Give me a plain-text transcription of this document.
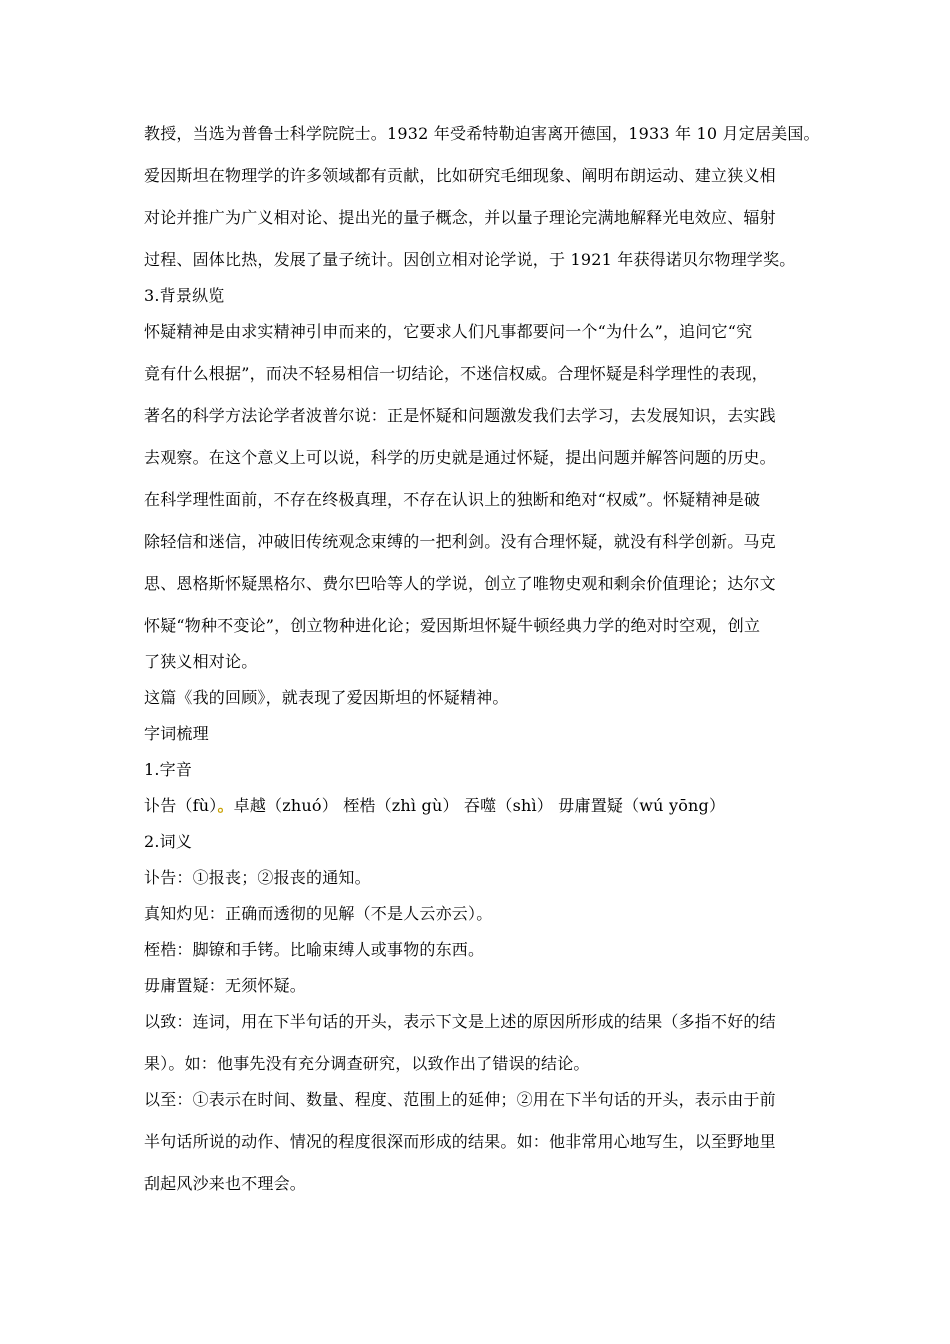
教授，当选为普鲁士科学院院士。1932 年受希特勒迫害离开德国，1933 年 10 月定居美国。
爱因斯坦在物理学的许多领域都有贡献，比如研究毛细现象、阐明布朗运动、建立狭义相
对论并推广为广义相对论、提出光的量子概念，并以量子理论完满地解释光电效应、辐射
过程、固体比热，发展了量子统计。因创立相对论学说，于 1921 年获得诺贝尔物理学奖。
3.背景纵览
怀疑精神是由求实精神引申而来的，它要求人们凡事都要问一个“为什么”，追问它“究
竟有什么根据”，而决不轻易相信一切结论，不迷信权威。合理怀疑是科学理性的表现，
著名的科学方法论学者波普尔说：正是怀疑和问题激发我们去学习，去发展知识，去实践
去观察。在这个意义上可以说，科学的历史就是通过怀疑，提出问题并解答问题的历史。
在科学理性面前，不存在终极真理，不存在认识上的独断和绝对“权威”。怀疑精神是破
除轻信和迷信，冲破旧传统观念束缚的一把利剑。没有合理怀疑，就没有科学创新。马克
思、恩格斯怀疑黑格尔、费尔巴哈等人的学说，创立了唯物史观和剩余价值理论；达尔文
怀疑“物种不变论”，创立物种进化论；爱因斯坦怀疑牛顿经典力学的绝对时空观，创立
了狭义相对论。
这篇《我的回顾》，就表现了爱因斯坦的怀疑精神。
字词梳理
1.字音
讣告（fù）。卓越（zhuó） 桎梏（zhì gù） 吞噬（shì） 毋庸置疑（wú yōng）
2.词义
讣告：①报丧；②报丧的通知。
真知灼见：正确而透彻的见解（不是人云亦云）。
桎梏：脚镣和手铐。比喻束缚人或事物的东西。
毋庸置疑：无须怀疑。
以致：连词，用在下半句话的开头，表示下文是上述的原因所形成的结果（多指不好的结
果）。如：他事先没有充分调查研究，以致作出了错误的结论。
以至：①表示在时间、数量、程度、范围上的延伸；②用在下半句话的开头，表示由于前
半句话所说的动作、情况的程度很深而形成的结果。如：他非常用心地写生，以至野地里
刮起风沙来也不理会。
